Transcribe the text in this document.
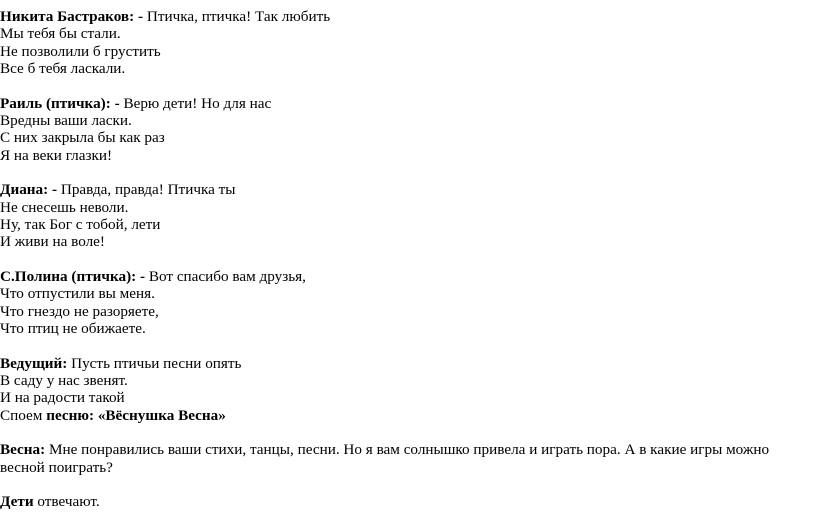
Никита Бастраков: - Птичка, птичка! Так любить
Мы тебя бы стали.
Не позволили б грустить
Все б тебя ласкали.
Раиль (птичка): - Верю дети! Но для нас
Вредны ваши ласки.
С них закрыла бы как раз
Я на веки глазки!
Диана: - Правда, правда! Птичка ты
Не снесешь неволи.
Ну, так Бог с тобой, лети
И живи на воле!
С.Полина (птичка): - Вот спасибо вам друзья,
Что отпустили вы меня.
Что гнездо не разоряете,
Что птиц не обижаете.
Ведущий: Пусть птичьи песни опять
В саду у нас звенят.
И на радости такой
Споем песню: «Вёснушка Весна»
Весна: Мне понравились ваши стихи, танцы, песни. Но я вам солнышко привела и играть пора. А в какие игры можно весной поиграть?
Дети отвечают.
